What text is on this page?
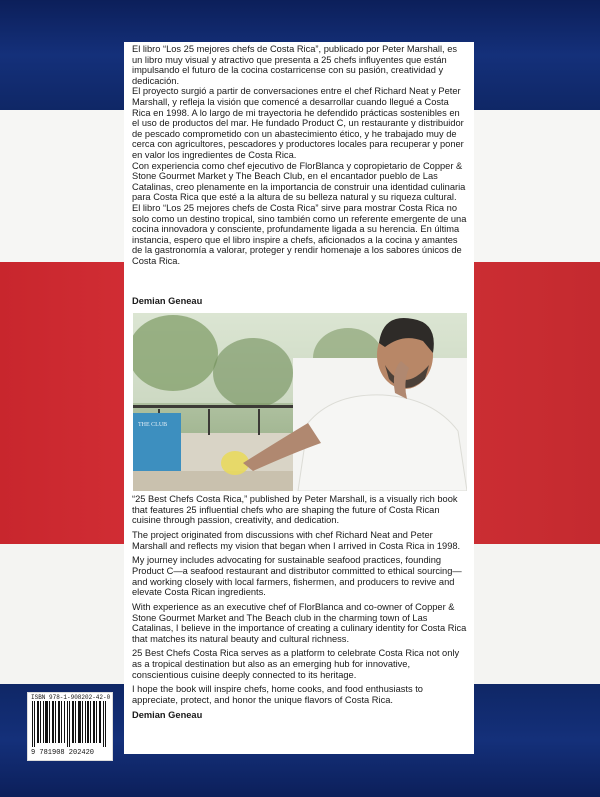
El libro “Los 25 mejores chefs de Costa Rica”, publicado por Peter Marshall, es un libro muy visual y atractivo que presenta a 25 chefs influyentes que están impulsando el futuro de la cocina costarricense con su pasión, creatividad y dedicación.

El proyecto surgió a partir de conversaciones entre el chef Richard Neat y Peter Marshall, y refleja la visión que comencé a desarrollar cuando llegué a Costa Rica en 1998. A lo largo de mi trayectoria he defendido prácticas sostenibles en el uso de productos del mar. He fundado Product C, un restaurante y distribuidor de pescado comprometido con un abastecimiento ético, y he trabajado muy de cerca con agricultores, pescadores y productores locales para recuperar y poner en valor los ingredientes de Costa Rica.

Con experiencia como chef ejecutivo de FlorBlanca y copropietario de Copper & Stone Gourmet Market y The Beach Club, en el encantador pueblo de Las Catalinas, creo plenamente en la importancia de construir una identidad culinaria para Costa Rica que esté a la altura de su belleza natural y su riqueza cultural.

El libro “Los 25 mejores chefs de Costa Rica” sirve para mostrar Costa Rica no solo como un destino tropical, sino también como un referente emergente de una cocina innovadora y consciente, profundamente ligada a su herencia. En última instancia, espero que el libro inspire a chefs, aficionados a la cocina y amantes de la gastronomía a valorar, proteger y rendir homenaje a los sabores únicos de Costa Rica.

Demian Geneau
THE CLUB

“25 Best Chefs Costa Rica,” published by Peter Marshall, is a visually rich book that features 25 influential chefs who are shaping the future of Costa Rican cuisine through passion, creativity, and dedication.

The project originated from discussions with chef Richard Neat and Peter Marshall and reflects my vision that began when I arrived in Costa Rica in 1998.

My journey includes advocating for sustainable seafood practices, founding Product C—a seafood restaurant and distributor committed to ethical sourcing—and working closely with local farmers, fishermen, and producers to revive and elevate Costa Rican ingredients.

With experience as an executive chef of FlorBlanca and co-owner of Copper & Stone Gourmet Market and The Beach club in the charming town of Las Catalinas, I believe in the importance of creating a culinary identity for Costa Rica that matches its natural beauty and cultural richness.

25 Best Chefs Costa Rica serves as a platform to celebrate Costa Rica not only as a tropical destination but also as an emerging hub for innovative, conscientious cuisine deeply connected to its heritage.

I hope the book will inspire chefs, home cooks, and food enthusiasts to appreciate, protect, and honor the unique flavors of Costa Rica.

Demian Geneau

ISBN 978-1-908202-42-0
9 781908 202420
